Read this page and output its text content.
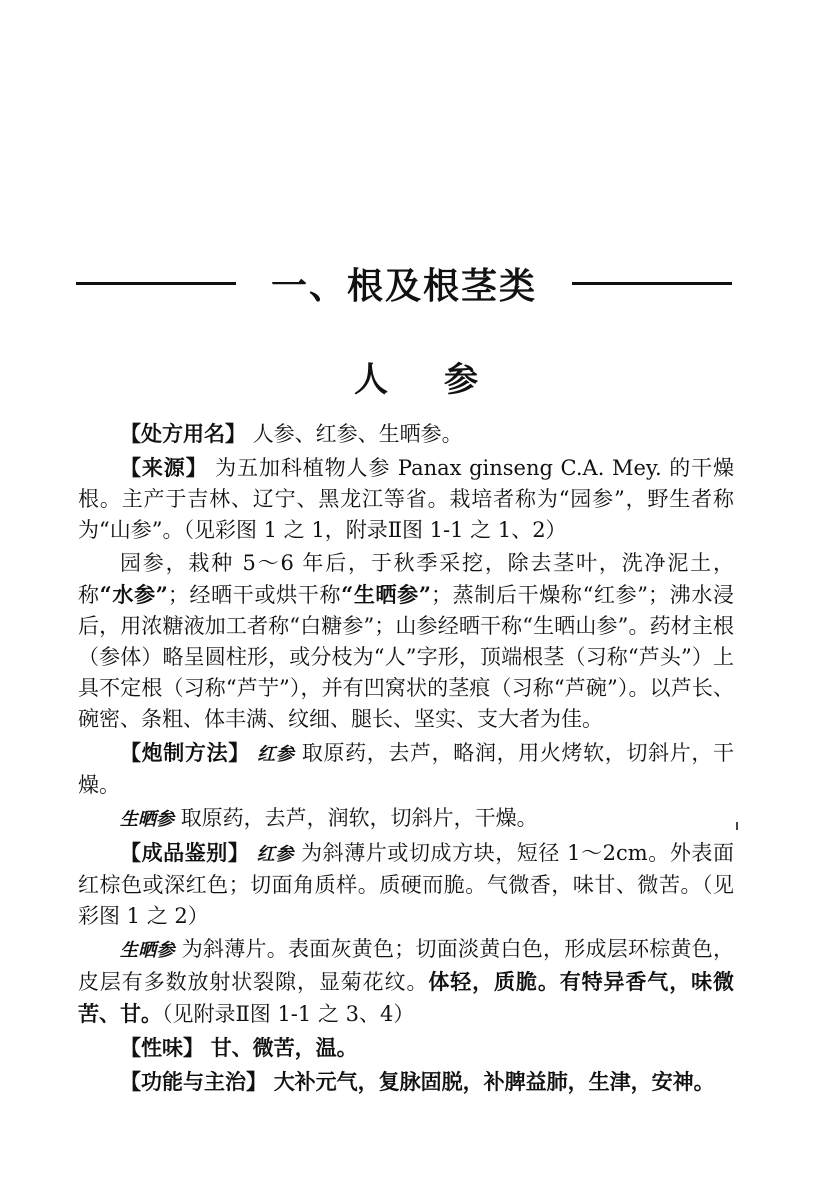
一、根及根茎类
人参

【处方用名】 人参、红参、生晒参。

【来源】 为五加科植物人参 Panax ginseng C.A. Mey. 的干燥根。主产于吉林、辽宁、黑龙江等省。栽培者称为“园参”，野生者称为“山参”。（见彩图 1 之 1，附录Ⅱ图 1-1 之 1、2）

园参，栽种 5～6 年后，于秋季采挖，除去茎叶，洗净泥土，称“水参”；经晒干或烘干称“生晒参”；蒸制后干燥称“红参”；沸水浸后，用浓糖液加工者称“白糖参”；山参经晒干称“生晒山参”。药材主根（参体）略呈圆柱形，或分枝为“人”字形，顶端根茎（习称“芦头”）上具不定根（习称“芦艼”），并有凹窝状的茎痕（习称“芦碗”）。以芦长、碗密、条粗、体丰满、纹细、腿长、坚实、支大者为佳。

【炮制方法】 红参 取原药，去芦，略润，用火烤软，切斜片，干燥。

生晒参 取原药，去芦，润软，切斜片，干燥。

【成品鉴别】 红参 为斜薄片或切成方块，短径 1～2cm。外表面红棕色或深红色；切面角质样。质硬而脆。气微香，味甘、微苦。（见彩图 1 之 2）

生晒参 为斜薄片。表面灰黄色；切面淡黄白色，形成层环棕黄色，皮层有多数放射状裂隙，显菊花纹。体轻，质脆。有特异香气，味微苦、甘。（见附录Ⅱ图 1-1 之 3、4）

【性味】 甘、微苦，温。

【功能与主治】 大补元气，复脉固脱，补脾益肺，生津，安神。
